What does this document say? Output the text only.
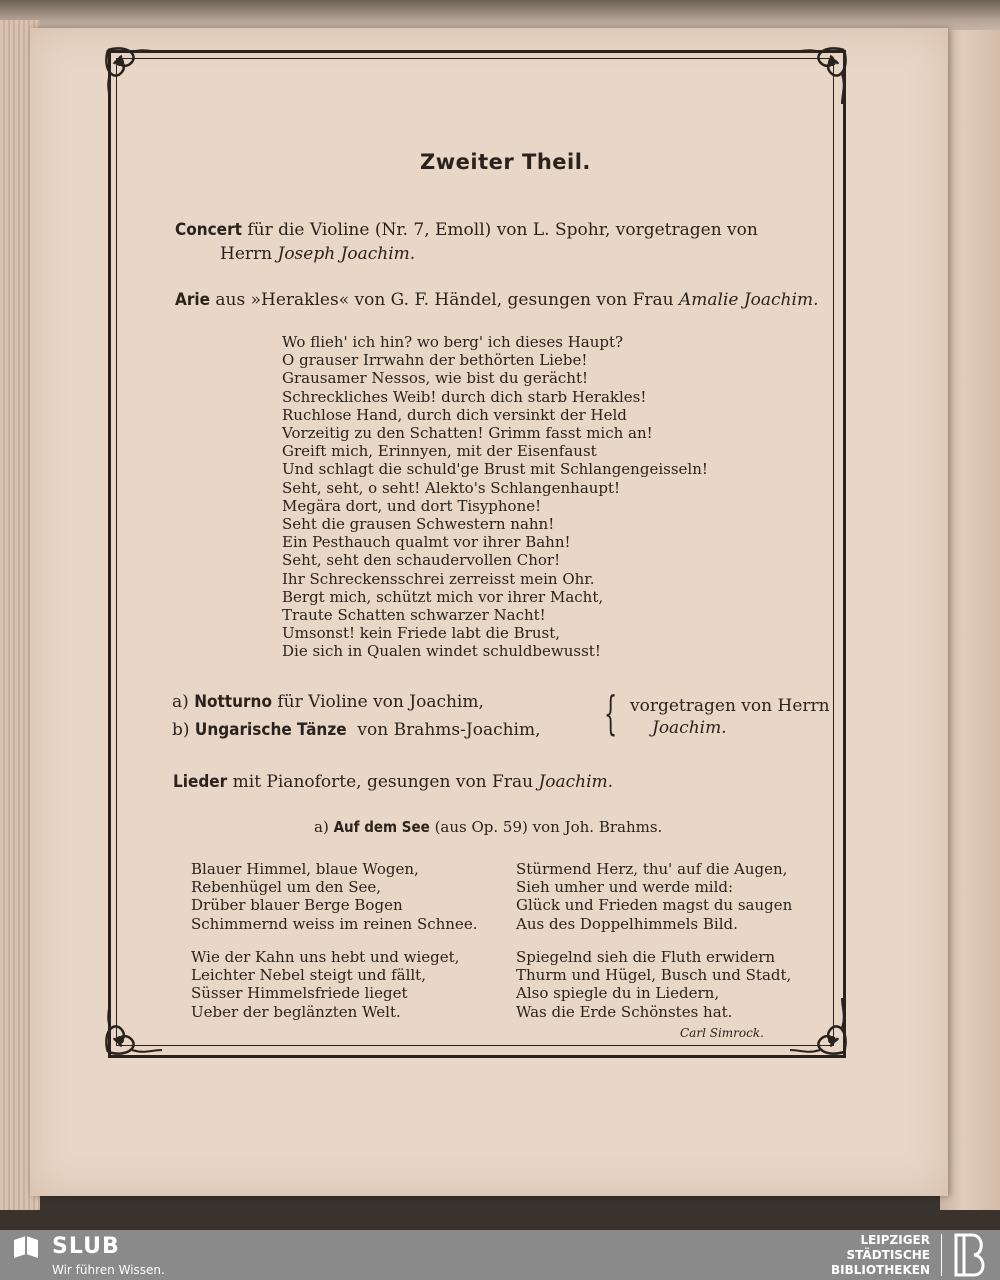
Zweiter Theil.
Concert für die Violine (Nr. 7, Emoll) von L. Spohr, vorgetragen von
Herrn Joseph Joachim.
Arie aus »Herakles« von G. F. Händel, gesungen von Frau Amalie Joachim.
Wo flieh' ich hin? wo berg' ich dieses Haupt?
O grauser Irrwahn der bethörten Liebe!
Grausamer Nessos, wie bist du gerächt!
Schreckliches Weib! durch dich starb Herakles!
Ruchlose Hand, durch dich versinkt der Held
Vorzeitig zu den Schatten! Grimm fasst mich an!
Greift mich, Erinnyen, mit der Eisenfaust
Und schlagt die schuld'ge Brust mit Schlangengeisseln!
Seht, seht, o seht! Alekto's Schlangenhaupt!
Megära dort, und dort Tisyphone!
Seht die grausen Schwestern nahn!
Ein Pesthauch qualmt vor ihrer Bahn!
Seht, seht den schaudervollen Chor!
Ihr Schreckensschrei zerreisst mein Ohr.
Bergt mich, schützt mich vor ihrer Macht,
Traute Schatten schwarzer Nacht!
Umsonst! kein Friede labt die Brust,
Die sich in Qualen windet schuldbewusst!
a) Notturno für Violine von Joachim,
b) Ungarische Tänze von Brahms-Joachim, { vorgetragen von Herrn
Joachim.
Lieder mit Pianoforte, gesungen von Frau Joachim.
a) Auf dem See (aus Op. 59) von Joh. Brahms.
Blauer Himmel, blaue Wogen,
Rebenhügel um den See,
Drüber blauer Berge Bogen
Schimmernd weiss im reinen Schnee.
Wie der Kahn uns hebt und wieget,
Leichter Nebel steigt und fällt,
Süsser Himmelsfriede lieget
Ueber der beglänzten Welt.
Stürmend Herz, thu' auf die Augen,
Sieh umher und werde mild:
Glück und Frieden magst du saugen
Aus des Doppelhimmels Bild.
Spiegelnd sieh die Fluth erwidern
Thurm und Hügel, Busch und Stadt,
Also spiegle du in Liedern,
Was die Erde Schönstes hat.
Carl Simrock.
SLUB
Wir führen Wissen.
LEIPZIGER
STÄDTISCHE
BIBLIOTHEKEN
